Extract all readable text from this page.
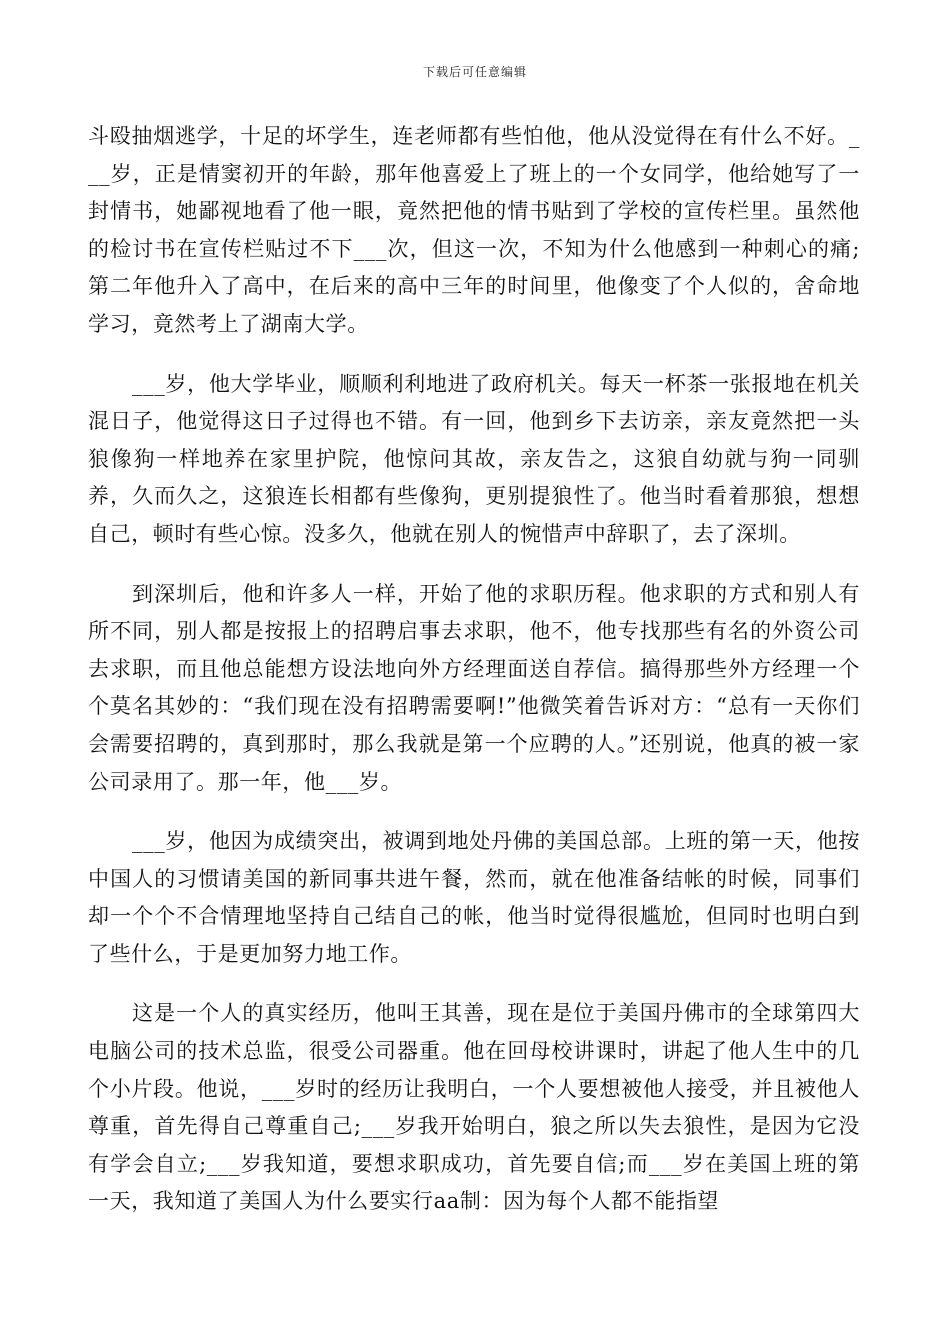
下载后可任意编辑

斗殴抽烟逃学，十足的坏学生，连老师都有些怕他，他从没觉得在有什么不好。___岁，正是情窦初开的年龄，那年他喜爱上了班上的一个女同学，他给她写了一封情书，她鄙视地看了他一眼，竟然把他的情书贴到了学校的宣传栏里。虽然他的检讨书在宣传栏贴过不下___次，但这一次，不知为什么他感到一种刺心的痛;第二年他升入了高中，在后来的高中三年的时间里，他像变了个人似的，舍命地学习，竟然考上了湖南大学。

___岁，他大学毕业，顺顺利利地进了政府机关。每天一杯茶一张报地在机关混日子，他觉得这日子过得也不错。有一回，他到乡下去访亲，亲友竟然把一头狼像狗一样地养在家里护院，他惊问其故，亲友告之，这狼自幼就与狗一同驯养，久而久之，这狼连长相都有些像狗，更别提狼性了。他当时看着那狼，想想自己，顿时有些心惊。没多久，他就在别人的惋惜声中辞职了，去了深圳。

到深圳后，他和许多人一样，开始了他的求职历程。他求职的方式和别人有所不同，别人都是按报上的招聘启事去求职，他不，他专找那些有名的外资公司去求职，而且他总能想方设法地向外方经理面送自荐信。搞得那些外方经理一个个莫名其妙的：“我们现在没有招聘需要啊!”他微笑着告诉对方：“总有一天你们会需要招聘的，真到那时，那么我就是第一个应聘的人。”还别说，他真的被一家公司录用了。那一年，他___岁。

___岁，他因为成绩突出，被调到地处丹佛的美国总部。上班的第一天，他按中国人的习惯请美国的新同事共进午餐，然而，就在他准备结帐的时候，同事们却一个个不合情理地坚持自己结自己的帐，他当时觉得很尴尬，但同时也明白到了些什么，于是更加努力地工作。

这是一个人的真实经历，他叫王其善，现在是位于美国丹佛市的全球第四大电脑公司的技术总监，很受公司器重。他在回母校讲课时，讲起了他人生中的几个小片段。他说，___岁时的经历让我明白，一个人要想被他人接受，并且被他人尊重，首先得自己尊重自己;___岁我开始明白，狼之所以失去狼性，是因为它没有学会自立;___岁我知道，要想求职成功，首先要自信;而___岁在美国上班的第一天，我知道了美国人为什么要实行aa制：因为每个人都不能指望
